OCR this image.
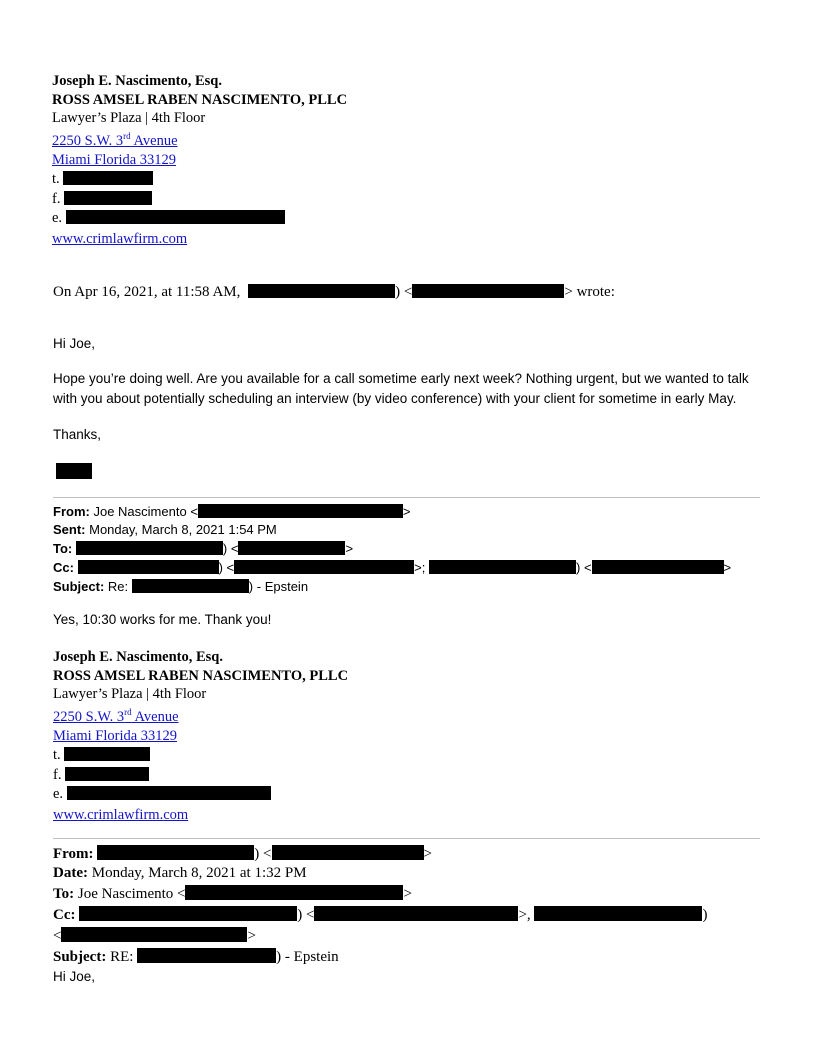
Joseph E. Nascimento, Esq.
ROSS AMSEL RABEN NASCIMENTO, PLLC
Lawyer’s Plaza | 4th Floor
2250 S.W. 3rd Avenue
Miami Florida 33129
t.
f.
e.
www.crimlawfirm.com
On Apr 16, 2021, at 11:58 AM,	) <	> wrote:
Hi Joe,
Hope you’re doing well. Are you available for a call sometime early next week? Nothing urgent, but we wanted to talk with you about potentially scheduling an interview (by video conference) with your client for sometime in early May.
Thanks,
From: Joe Nascimento <	>
Sent: Monday, March 8, 2021 1:54 PM
To:	) <	>
Cc:	) <	>;	) <	>
Subject: Re:	) - Epstein
Yes, 10:30 works for me. Thank you!
Joseph E. Nascimento, Esq.
ROSS AMSEL RABEN NASCIMENTO, PLLC
Lawyer’s Plaza | 4th Floor
2250 S.W. 3rd Avenue
Miami Florida 33129
t.
f.
e.
www.crimlawfirm.com
From:	) <	>
Date: Monday, March 8, 2021 at 1:32 PM
To: Joe Nascimento <	>
Cc:	) <	>,	)
<	>
Subject: RE:	) - Epstein
Hi Joe,
